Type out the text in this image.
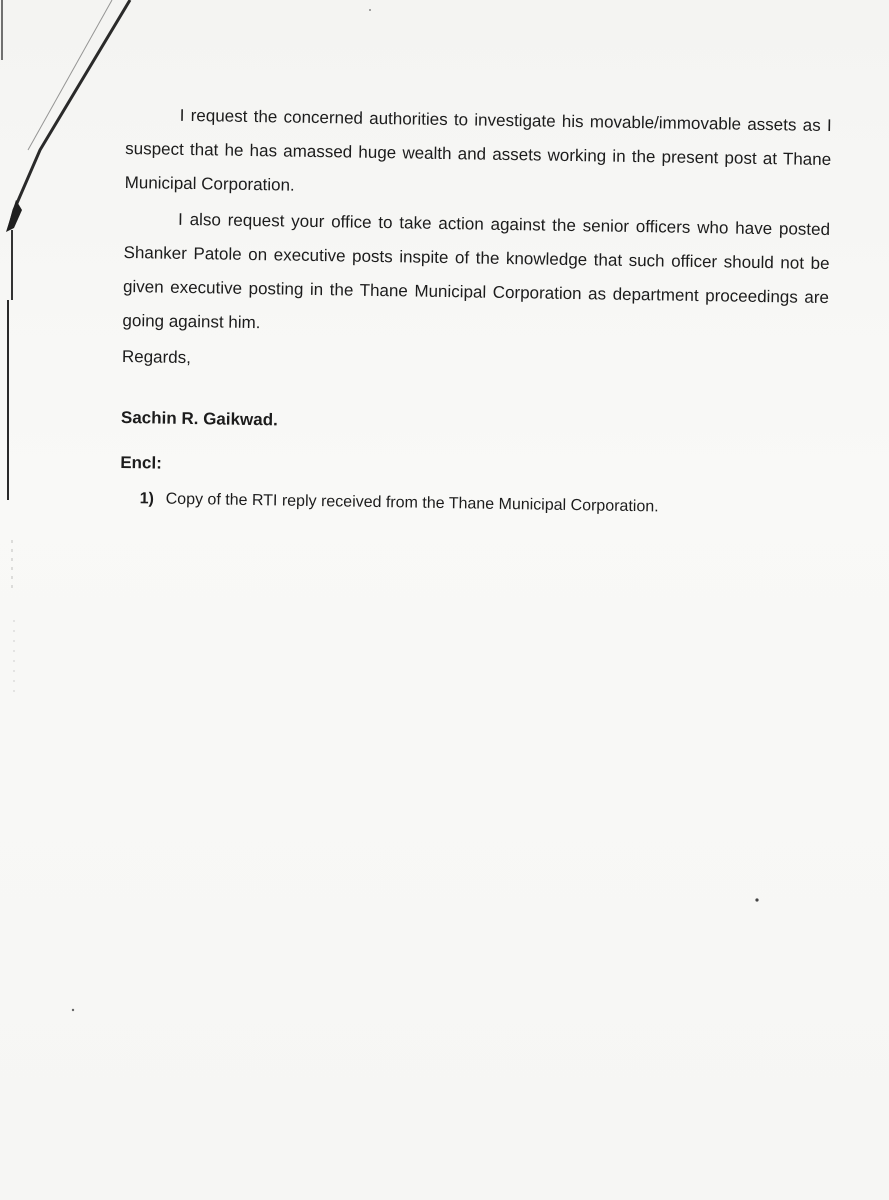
I request the concerned authorities to investigate his movable/immovable assets as I suspect that he has amassed huge wealth and assets working in the present post at Thane Municipal Corporation.

I also request your office to take action against the senior officers who have posted Shanker Patole on executive posts inspite of the knowledge that such officer should not be given executive posting in the Thane Municipal Corporation as department proceedings are going against him.

Regards,

Sachin R. Gaikwad.

Encl:

1) Copy of the RTI reply received from the Thane Municipal Corporation.
